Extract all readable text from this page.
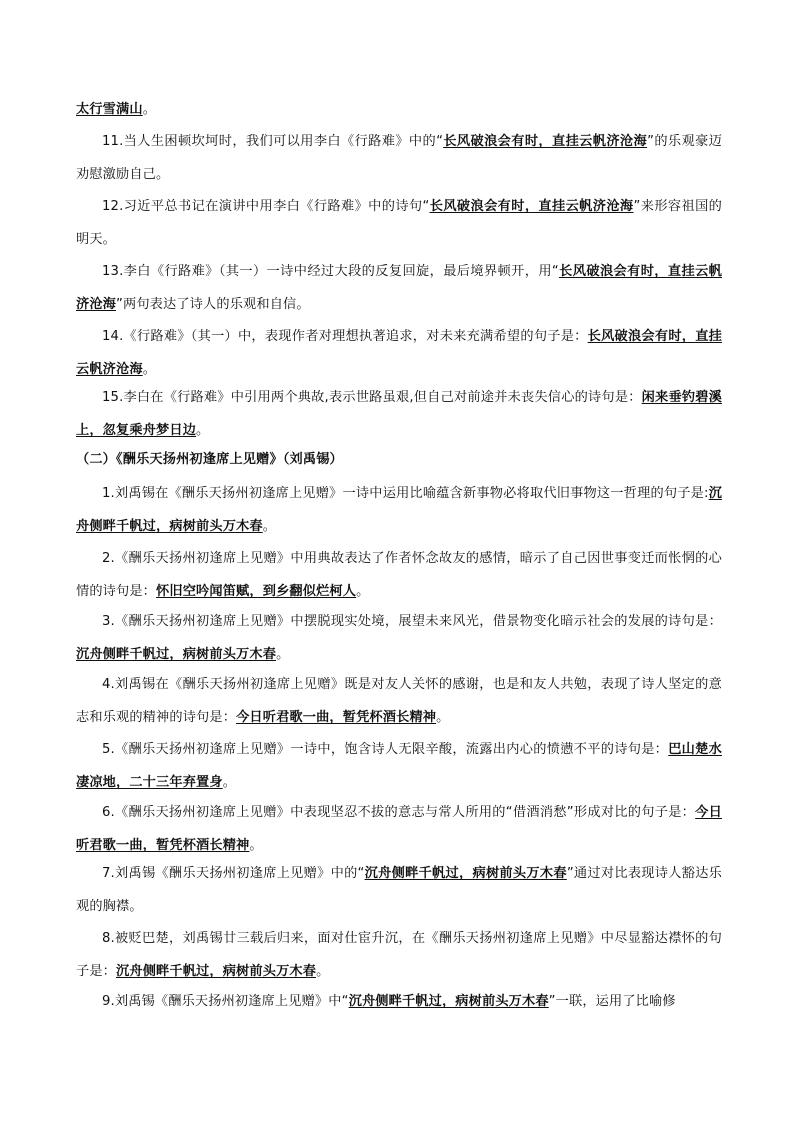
太行雪满山。

11.当人生困顿坎坷时，我们可以用李白《行路难》中的“长风破浪会有时，直挂云帆济沧海”的乐观豪迈劝慰激励自己。

12.习近平总书记在演讲中用李白《行路难》中的诗句“长风破浪会有时，直挂云帆济沧海”来形容祖国的明天。

13.李白《行路难》（其一）一诗中经过大段的反复回旋，最后境界顿开，用“长风破浪会有时，直挂云帆济沧海”两句表达了诗人的乐观和自信。

14.《行路难》（其一）中，表现作者对理想执著追求，对未来充满希望的句子是：长风破浪会有时，直挂云帆济沧海。

15.李白在《行路难》中引用两个典故,表示世路虽艰,但自己对前途并未丧失信心的诗句是：闲来垂钓碧溪上，忽复乘舟梦日边。

（二）《酬乐天扬州初逢席上见赠》（刘禹锡）

1.刘禹锡在《酬乐天扬州初逢席上见赠》一诗中运用比喻蕴含新事物必将取代旧事物这一哲理的句子是:沉舟侧畔千帆过，病树前头万木春。

2.《酬乐天扬州初逢席上见赠》中用典故表达了作者怀念故友的感情，暗示了自己因世事变迁而怅惘的心情的诗句是：怀旧空吟闻笛赋，到乡翻似烂柯人。

3.《酬乐天扬州初逢席上见赠》中摆脱现实处境，展望未来风光，借景物变化暗示社会的发展的诗句是：沉舟侧畔千帆过，病树前头万木春。

4.刘禹锡在《酬乐天扬州初逢席上见赠》既是对友人关怀的感谢，也是和友人共勉，表现了诗人坚定的意志和乐观的精神的诗句是：今日听君歌一曲，暂凭杯酒长精神。

5.《酬乐天扬州初逢席上见赠》一诗中，饱含诗人无限辛酸，流露出内心的愤懑不平的诗句是：巴山楚水凄凉地，二十三年弃置身。

6.《酬乐天扬州初逢席上见赠》中表现坚忍不拔的意志与常人所用的“借酒消愁”形成对比的句子是：今日听君歌一曲，暂凭杯酒长精神。

7.刘禹锡《酬乐天扬州初逢席上见赠》中的“沉舟侧畔千帆过，病树前头万木春”通过对比表现诗人豁达乐观的胸襟。

8.被贬巴楚，刘禹锡廿三载后归来，面对仕宦升沉，在《酬乐天扬州初逢席上见赠》中尽显豁达襟怀的句子是：沉舟侧畔千帆过，病树前头万木春。

9.刘禹锡《酬乐天扬州初逢席上见赠》中“沉舟侧畔千帆过，病树前头万木春”一联，运用了比喻修
